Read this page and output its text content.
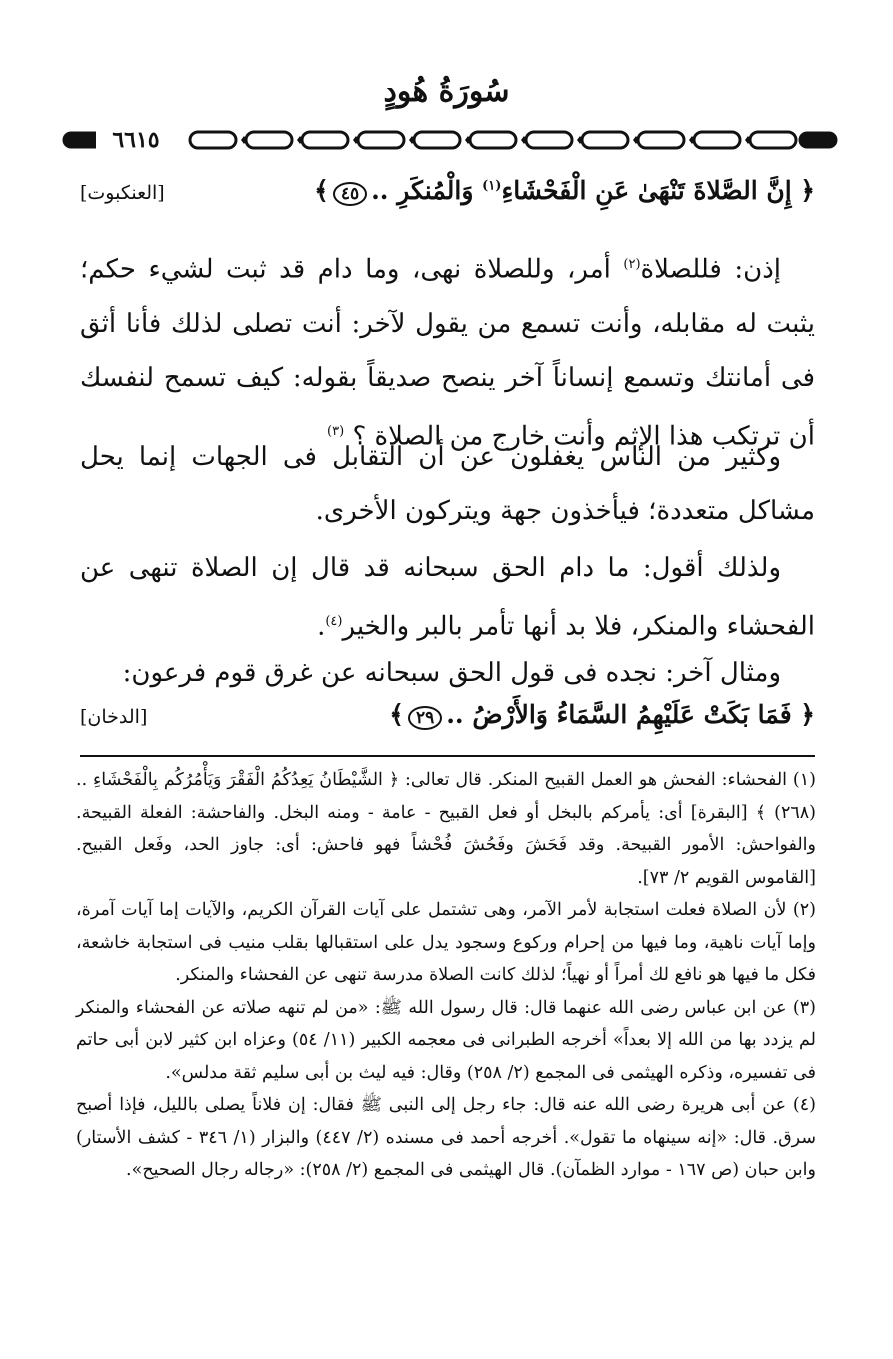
سُورَةُ هُودٍ
٦٦١٥
﴿ إِنَّ الصَّلاةَ تَنْهَىٰ عَنِ الْفَحْشَاءِ$^{(١)}$ وَالْمُنكَرِ ..٤٥﴾
[العنكبوت]

إذن: فللصلاة$^{(٢)}$ أمر، وللصلاة نهى، وما دام قد ثبت لشيء حكم؛ يثبت له مقابله، وأنت تسمع من يقول لآخر: أنت تصلى لذلك فأنا أثق فى أمانتك وتسمع إنساناً آخر ينصح صديقاً بقوله: كيف تسمح لنفسك أن ترتكب هذا الإثم وأنت خارج من الصلاة ؟ $^{(٣)}$

وكثير من الناس يغفلون عن أن التقابل فى الجهات إنما يحل مشاكل متعددة؛ فيأخذون جهة ويتركون الأخرى.

ولذلك أقول: ما دام الحق سبحانه قد قال إن الصلاة تنهى عن الفحشاء والمنكر، فلا بد أنها تأمر بالبر والخير$^{(٤)}$.

ومثال آخر: نجده فى قول الحق سبحانه عن غرق قوم فرعون:

﴿ فَمَا بَكَتْ عَلَيْهِمُ السَّمَاءُ وَالأَرْضُ ..٢٩﴾
[الدخان]

(١) الفحشاء: الفحش هو العمل القبيح المنكر. قال تعالى: ﴿ الشَّيْطَانُ يَعِدُكُمُ الْفَقْرَ وَيَأْمُرُكُم بِالْفَحْشَاءِ .. (٢٦٨) ﴾ [البقرة] أى: يأمركم بالبخل أو فعل القبيح - عامة - ومنه البخل. والفاحشة: الفعلة القبيحة. والفواحش: الأمور القبيحة. وقد فَحَشَ وفَحُشَ فُحْشاً فهو فاحش: أى: جاوز الحد، وفَعل القبيح. [القاموس القويم ٢/ ٧٣].

(٢) لأن الصلاة فعلت استجابة لأمر الآمر، وهى تشتمل على آيات القرآن الكريم، والآيات إما آيات آمرة، وإما آيات ناهية، وما فيها من إحرام وركوع وسجود يدل على استقبالها بقلب منيب فى استجابة خاشعة، فكل ما فيها هو نافع لك أمراً أو نهياً؛ لذلك كانت الصلاة مدرسة تنهى عن الفحشاء والمنكر.

(٣) عن ابن عباس رضى الله عنهما قال: قال رسول الله ﷺ: «من لم تنهه صلاته عن الفحشاء والمنكر لم يزدد بها من الله إلا بعداً» أخرجه الطبرانى فى معجمه الكبير (١١/ ٥٤) وعزاه ابن كثير لابن أبى حاتم فى تفسيره، وذكره الهيثمى فى المجمع (٢/ ٢٥٨) وقال: فيه ليث بن أبى سليم ثقة مدلس».

(٤) عن أبى هريرة رضى الله عنه قال: جاء رجل إلى النبى ﷺ فقال: إن فلاناً يصلى بالليل، فإذا أصبح سرق. قال: «إنه سينهاه ما تقول». أخرجه أحمد فى مسنده (٢/ ٤٤٧) والبزار (١/ ٣٤٦ - كشف الأستار) وابن حبان (ص ١٦٧ - موارد الظمآن). قال الهيثمى فى المجمع (٢/ ٢٥٨): «رجاله رجال الصحيح».
